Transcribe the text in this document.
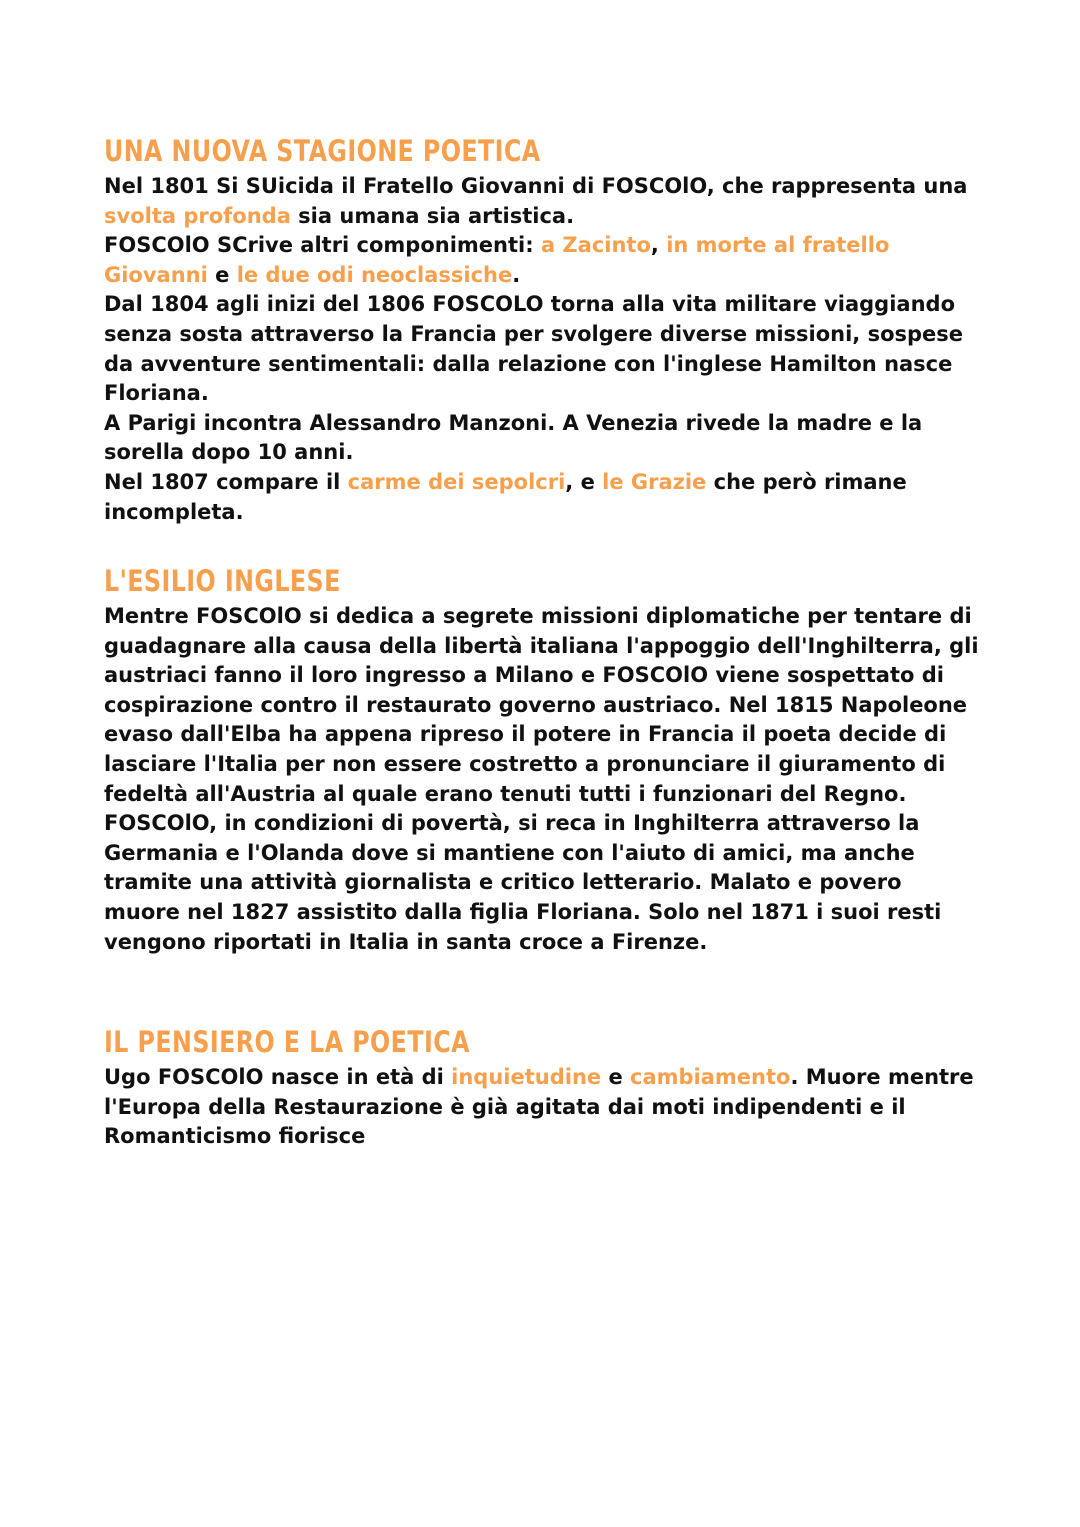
UNA NUOVA STAGIONE POETICA

Nel 1801 Si SUicida il Fratello Giovanni di FOSCOlO, che rappresenta una svolta profonda sia umana sia artistica.

FOSCOlO SCrive altri componimenti: a Zacinto, in morte al fratello Giovanni e le due odi neoclassiche.

Dal 1804 agli inizi del 1806 FOSCOLO torna alla vita militare viaggiando senza sosta attraverso la Francia per svolgere diverse missioni, sospese da avventure sentimentali: dalla relazione con l'inglese Hamilton nasce Floriana.

A Parigi incontra Alessandro Manzoni. A Venezia rivede la madre e la sorella dopo 10 anni.

Nel 1807 compare il carme dei sepolcri, e le Grazie che però rimane incompleta.

L'ESILIO INGLESE

Mentre FOSCOlO si dedica a segrete missioni diplomatiche per tentare di guadagnare alla causa della libertà italiana l'appoggio dell'Inghilterra, gli austriaci fanno il loro ingresso a Milano e FOSCOlO viene sospettato di cospirazione contro il restaurato governo austriaco. Nel 1815 Napoleone evaso dall'Elba ha appena ripreso il potere in Francia il poeta decide di lasciare l'Italia per non essere costretto a pronunciare il giuramento di fedeltà all'Austria al quale erano tenuti tutti i funzionari del Regno.

FOSCOlO, in condizioni di povertà, si reca in Inghilterra attraverso la Germania e l'Olanda dove si mantiene con l'aiuto di amici, ma anche tramite una attività giornalista e critico letterario. Malato e povero muore nel 1827 assistito dalla figlia Floriana. Solo nel 1871 i suoi resti vengono riportati in Italia in santa croce a Firenze.

IL PENSIERO E LA POETICA

Ugo FOSCOlO nasce in età di inquietudine e cambiamento. Muore mentre l'Europa della Restaurazione è già agitata dai moti indipendenti e il Romanticismo fiorisce
